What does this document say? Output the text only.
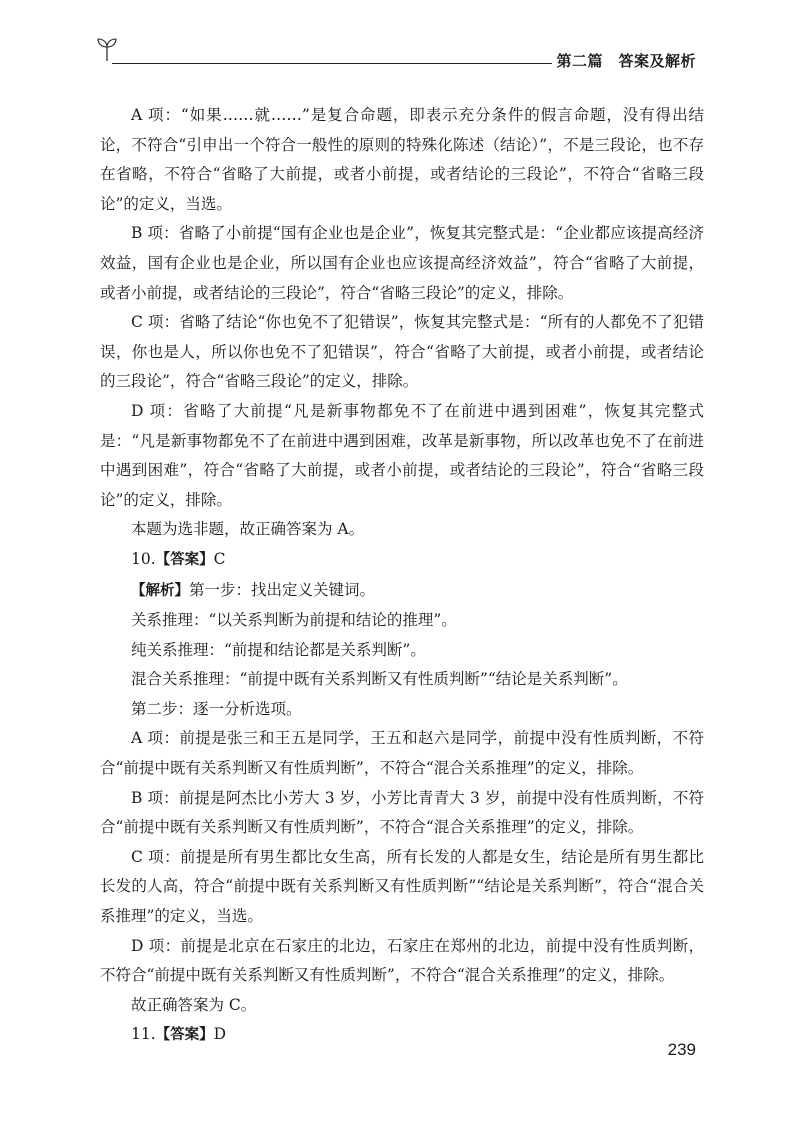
第二篇　答案及解析

A 项：“如果……就……”是复合命题，即表示充分条件的假言命题，没有得出结论，不符合“引申出一个符合一般性的原则的特殊化陈述（结论）”，不是三段论，也不存在省略，不符合“省略了大前提，或者小前提，或者结论的三段论”，不符合“省略三段论”的定义，当选。

B 项：省略了小前提“国有企业也是企业”，恢复其完整式是：“企业都应该提高经济效益，国有企业也是企业，所以国有企业也应该提高经济效益”，符合“省略了大前提，或者小前提，或者结论的三段论”，符合“省略三段论”的定义，排除。

C 项：省略了结论“你也免不了犯错误”，恢复其完整式是：“所有的人都免不了犯错误，你也是人，所以你也免不了犯错误”，符合“省略了大前提，或者小前提，或者结论的三段论”，符合“省略三段论”的定义，排除。

D 项：省略了大前提“凡是新事物都免不了在前进中遇到困难”，恢复其完整式是：“凡是新事物都免不了在前进中遇到困难，改革是新事物，所以改革也免不了在前进中遇到困难”，符合“省略了大前提，或者小前提，或者结论的三段论”，符合“省略三段论”的定义，排除。

本题为选非题，故正确答案为 A。

10.【答案】C

【解析】第一步：找出定义关键词。

关系推理：“以关系判断为前提和结论的推理”。

纯关系推理：“前提和结论都是关系判断”。

混合关系推理：“前提中既有关系判断又有性质判断”“结论是关系判断”。

第二步：逐一分析选项。

A 项：前提是张三和王五是同学，王五和赵六是同学，前提中没有性质判断，不符合“前提中既有关系判断又有性质判断”，不符合“混合关系推理”的定义，排除。

B 项：前提是阿杰比小芳大 3 岁，小芳比青青大 3 岁，前提中没有性质判断，不符合“前提中既有关系判断又有性质判断”，不符合“混合关系推理”的定义，排除。

C 项：前提是所有男生都比女生高，所有长发的人都是女生，结论是所有男生都比长发的人高，符合“前提中既有关系判断又有性质判断”“结论是关系判断”，符合“混合关系推理”的定义，当选。

D 项：前提是北京在石家庄的北边，石家庄在郑州的北边，前提中没有性质判断，不符合“前提中既有关系判断又有性质判断”，不符合“混合关系推理”的定义，排除。

故正确答案为 C。

11.【答案】D

239
